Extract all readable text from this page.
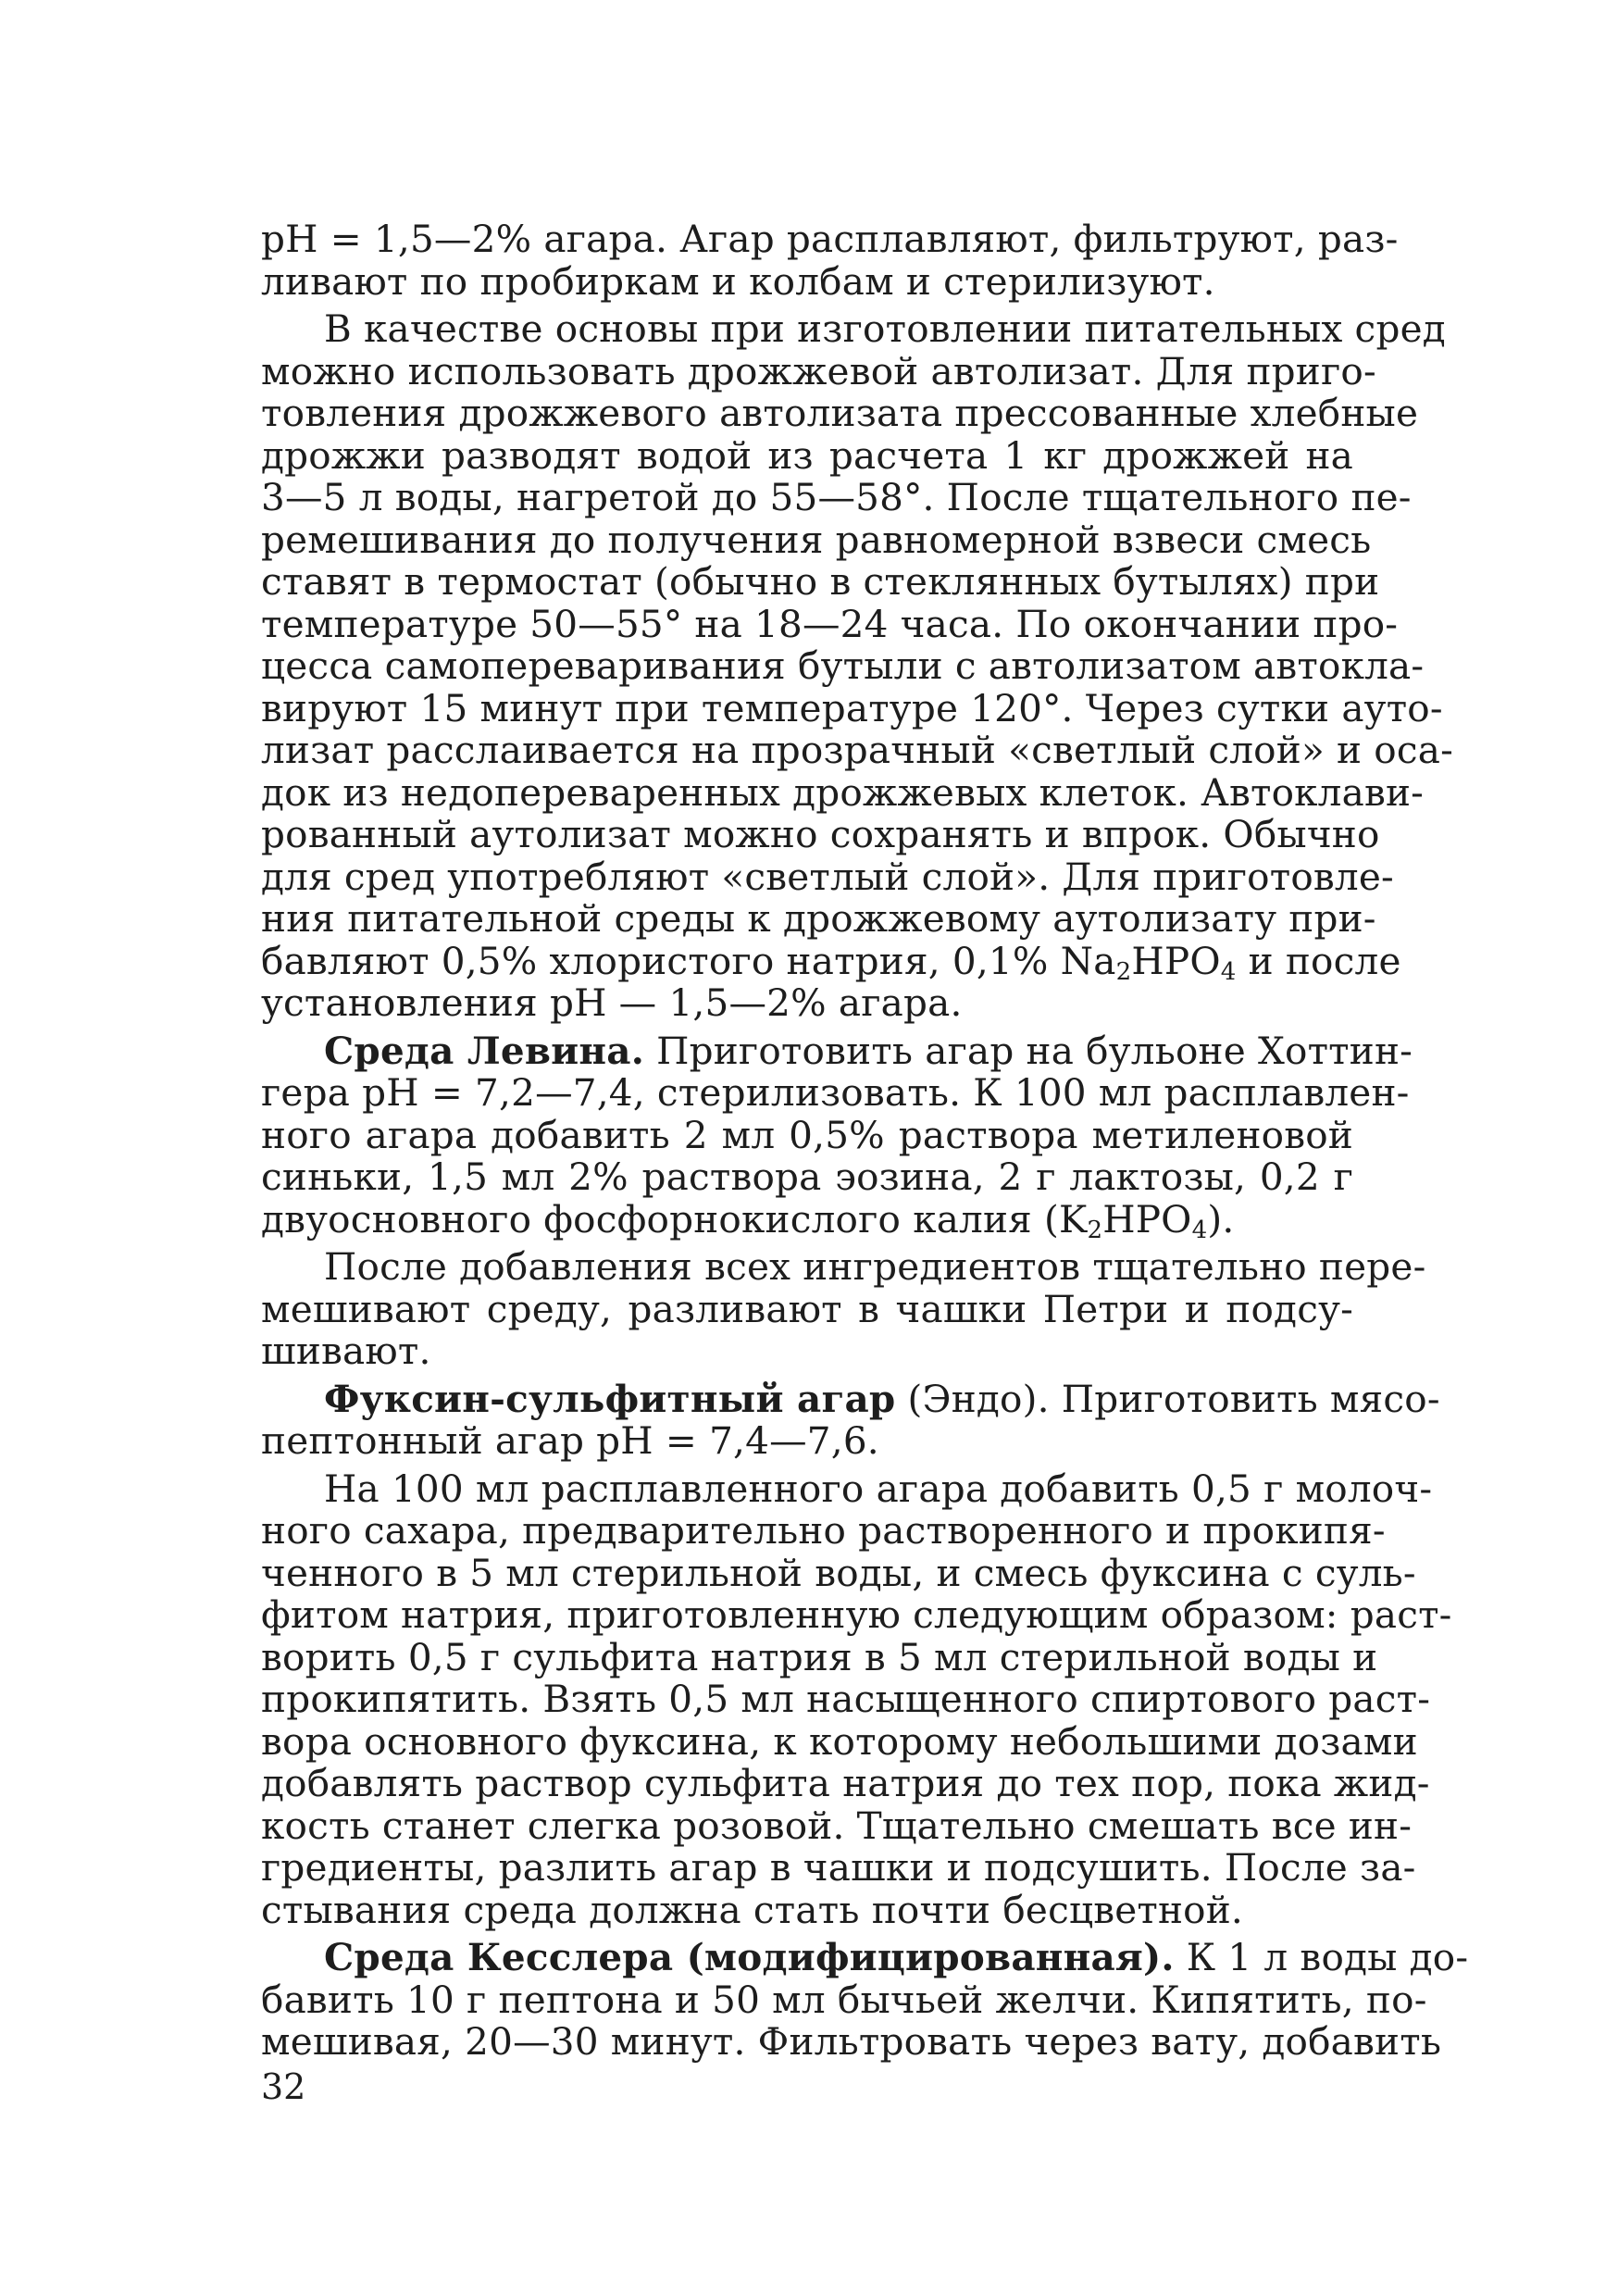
pH = 1,5—2% агара. Агар расплавляют, фильтруют, раз-
ливают по пробиркам и колбам и стерилизуют.

В качестве основы при изготовлении питательных сред
можно использовать дрожжевой автолизат. Для приго-
товления дрожжевого автолизата прессованные хлебные
дрожжи разводят водой из расчета 1 кг дрожжей на
3—5 л воды, нагретой до 55—58°. После тщательного пе-
ремешивания до получения равномерной взвеси смесь
ставят в термостат (обычно в стеклянных бутылях) при
температуре 50—55° на 18—24 часа. По окончании про-
цесса самопереваривания бутыли с автолизатом автокла-
вируют 15 минут при температуре 120°. Через сутки ауто-
лизат расслаивается на прозрачный «светлый слой» и оса-
док из недопереваренных дрожжевых клеток. Автоклави-
рованный аутолизат можно сохранять и впрок. Обычно
для сред употребляют «светлый слой». Для приготовле-
ния питательной среды к дрожжевому аутолизату при-
бавляют 0,5% хлористого натрия, 0,1% $Na_2HPO_4$ и после
установления pH — 1,5—2% агара.

Среда Левина. Приготовить агар на бульоне Хоттин-
гера pH = 7,2—7,4, стерилизовать. К 100 мл расплавлен-
ного агара добавить 2 мл 0,5% раствора метиленовой
синьки, 1,5 мл 2% раствора эозина, 2 г лактозы, 0,2 г
двуосновного фосфорнокислого калия $(K_2HPO_4)$.

После добавления всех ингредиентов тщательно пере-
мешивают среду, разливают в чашки Петри и подсу-
шивают.

Фуксин-сульфитный агар (Эндо). Приготовить мясо-
пептонный агар pH = 7,4—7,6.

На 100 мл расплавленного агара добавить 0,5 г молоч-
ного сахара, предварительно растворенного и прокипя-
ченного в 5 мл стерильной воды, и смесь фуксина с суль-
фитом натрия, приготовленную следующим образом: раст-
ворить 0,5 г сульфита натрия в 5 мл стерильной воды и
прокипятить. Взять 0,5 мл насыщенного спиртового раст-
вора основного фуксина, к которому небольшими дозами
добавлять раствор сульфита натрия до тех пор, пока жид-
кость станет слегка розовой. Тщательно смешать все ин-
гредиенты, разлить агар в чашки и подсушить. После за-
стывания среда должна стать почти бесцветной.

Среда Кесслера (модифицированная). К 1 л воды до-
бавить 10 г пептона и 50 мл бычьей желчи. Кипятить, по-
мешивая, 20—30 минут. Фильтровать через вату, добавить

32
